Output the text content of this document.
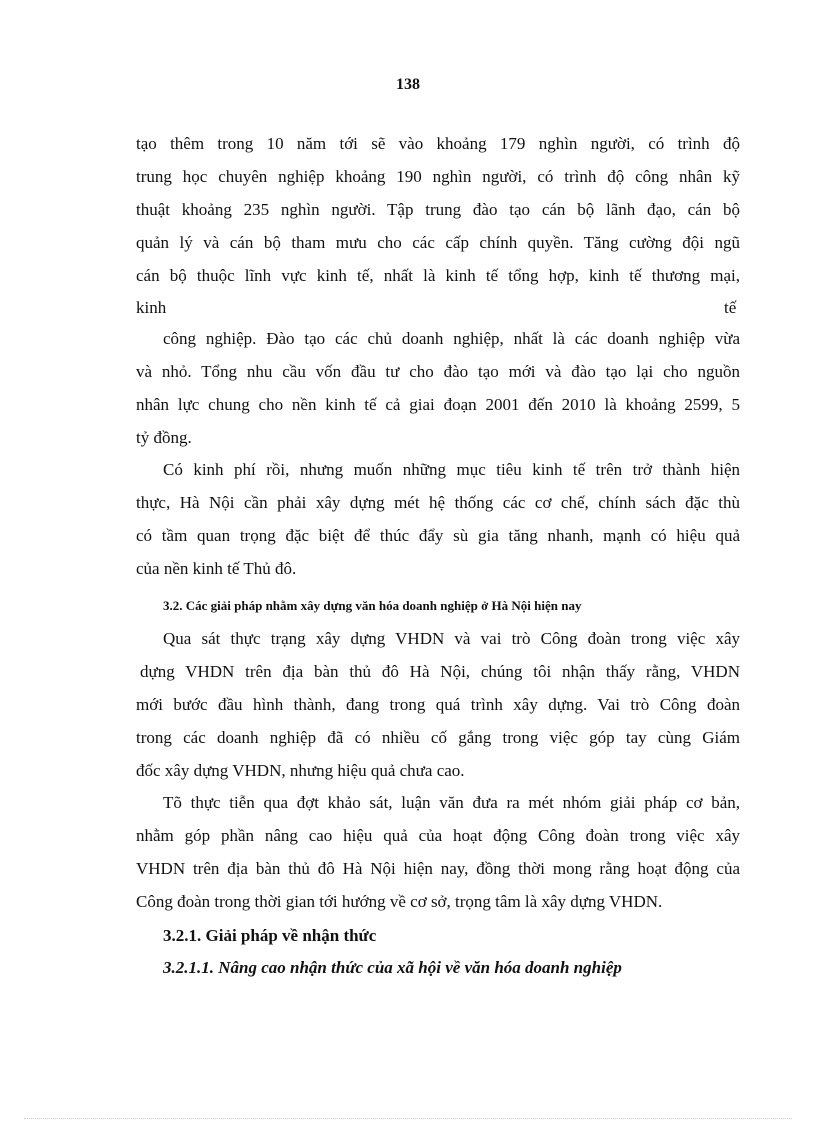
138
tạo thêm trong 10 năm tới sẽ vào khoảng 179 nghìn người, có trình độ
trung học chuyên nghiệp khoảng 190 nghìn người, có trình độ công nhân kỹ
thuật khoảng 235 nghìn người. Tập trung đào tạo cán bộ lãnh đạo, cán bộ
quản lý và cán bộ tham mưu cho các cấp chính quyền. Tăng cường đội ngũ
cán bộ thuộc lĩnh vực kinh tế, nhất là kinh tế tổng hợp, kinh tế thương mại,
kinh	tế
công nghiệp. Đào tạo các chủ doanh nghiệp, nhất là các doanh nghiệp vừa
và nhỏ. Tổng nhu cầu vốn đầu tư cho đào tạo mới và đào tạo lại cho nguồn
nhân lực chung cho nền kinh tế cả giai đoạn 2001 đến 2010 là khoảng 2599, 5
tỷ đồng.
Có kinh phí rồi, nhưng muốn những mục tiêu kinh tế trên trở thành hiện
thực, Hà Nội cần phải xây dựng mét hệ thống các cơ chế, chính sách đặc thù
có tầm quan trọng đặc biệt để thúc đẩy sù gia tăng nhanh, mạnh có hiệu quả
của nền kinh tế Thủ đô.
3.2. Các giải pháp nhằm xây dựng văn hóa doanh nghiệp ở Hà Nội hiện nay
Qua sát thực trạng xây dựng VHDN và vai trò Công đoàn trong việc xây
dựng VHDN trên địa bàn thủ đô Hà Nội, chúng tôi nhận thấy rằng, VHDN
mới bước đầu hình thành, đang trong quá trình xây dựng. Vai trò Công đoàn
trong các doanh nghiệp đã có nhiều cố gắng trong việc góp tay cùng Giám
đốc xây dựng VHDN, nhưng hiệu quả chưa cao.
Tõ thực tiễn qua đợt khảo sát, luận văn đưa ra mét nhóm giải pháp cơ bản,
nhằm góp phần nâng cao hiệu quả của hoạt động Công đoàn trong việc xây
VHDN trên địa bàn thủ đô Hà Nội hiện nay, đồng thời mong rằng hoạt động của
Công đoàn trong thời gian tới hướng về cơ sở, trọng tâm là xây dựng VHDN.
3.2.1. Giải pháp về nhận thức
3.2.1.1. Nâng cao nhận thức của xã hội về văn hóa doanh nghiệp
